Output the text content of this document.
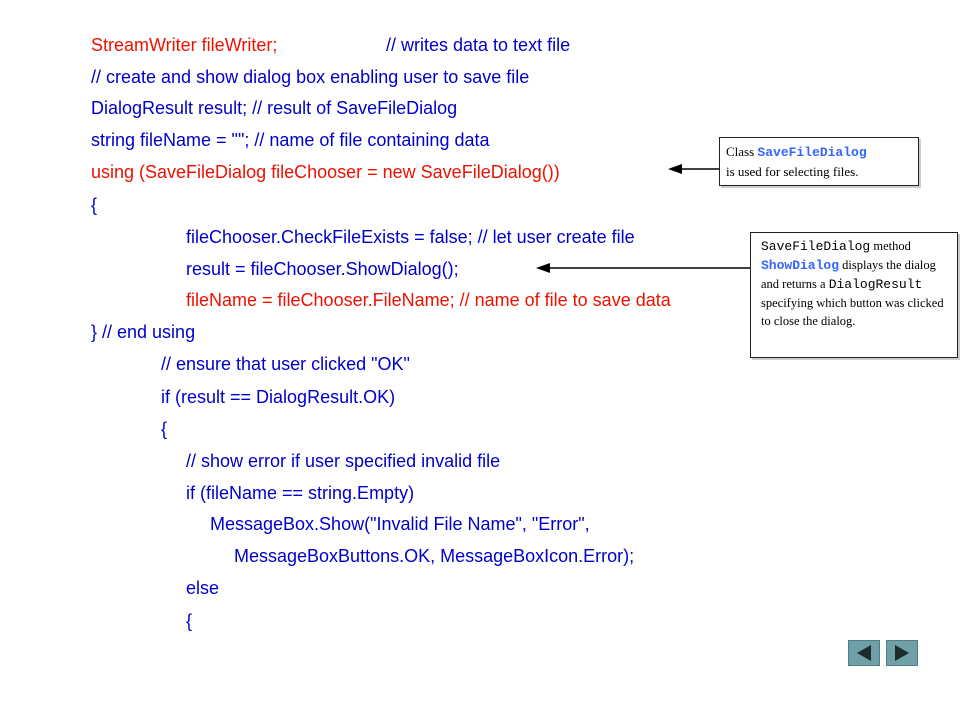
StreamWriter fileWriter;	// writes data to text file
// create and show dialog box enabling user to save file
DialogResult result; // result of SaveFileDialog
string fileName = ""; // name of file containing data
using (SaveFileDialog fileChooser = new SaveFileDialog())
{
fileChooser.CheckFileExists = false; // let user create file
result = fileChooser.ShowDialog();
fileName = fileChooser.FileName; // name of file to save data
} // end using
// ensure that user clicked "OK"
if (result == DialogResult.OK)
{
// show error if user specified invalid file
if (fileName == string.Empty)
MessageBox.Show("Invalid File Name", "Error",
MessageBoxButtons.OK, MessageBoxIcon.Error);
else
{
Class SaveFileDialog
is used for selecting files.
SaveFileDialog method ShowDialog displays the dialog and returns a DialogResult specifying which button was clicked to close the dialog.
